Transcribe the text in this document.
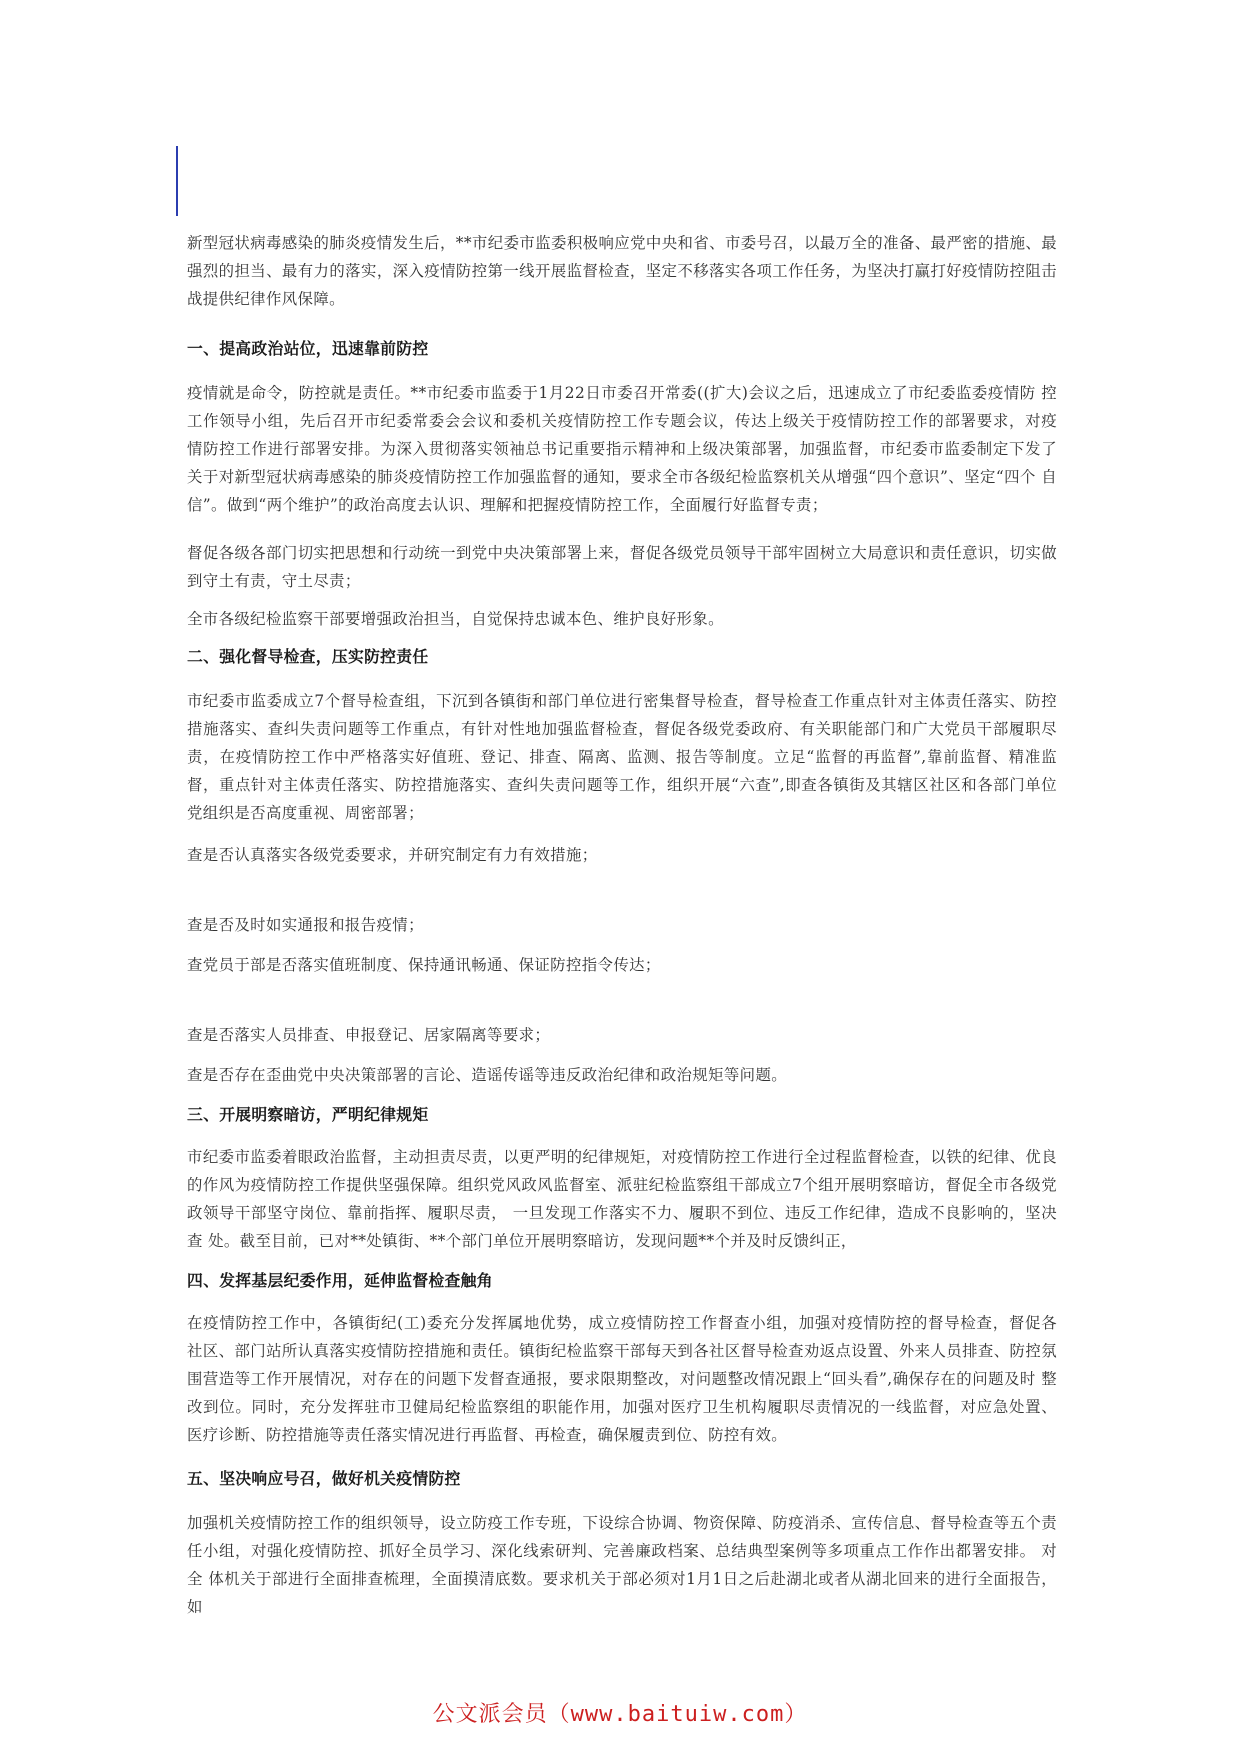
新型冠状病毒感染的肺炎疫情发生后，**市纪委市监委积极响应党中央和省、市委号召，以最万全的准备、最严密的措施、最 强烈的担当、最有力的落实，深入疫情防控第一线开展监督检查，坚定不移落实各项工作任务，为坚决打赢打好疫情防控阻击 战提供纪律作风保障。

一、提高政治站位，迅速靠前防控

疫情就是命令，防控就是责任。**市纪委市监委于1月22日市委召开常委((扩大)会议之后，迅速成立了市纪委监委疫情防 控工作领导小组，先后召开市纪委常委会会议和委机关疫情防控工作专题会议，传达上级关于疫情防控工作的部署要求，对疫 情防控工作进行部署安排。为深入贯彻落实领袖总书记重要指示精神和上级决策部署，加强监督，市纪委市监委制定下发了 关于对新型冠状病毒感染的肺炎疫情防控工作加强监督的通知，要求全市各级纪检监察机关从增强“四个意识”、坚定“四个 自信”。做到“两个维护”的政治高度去认识、理解和把握疫情防控工作，全面履行好监督专责；

督促各级各部门切实把思想和行动统一到党中央决策部署上来，督促各级党员领导干部牢固树立大局意识和责任意识，切实做 到守土有责，守土尽责；

全市各级纪检监察干部要增强政治担当，自觉保持忠诚本色、维护良好形象。

二、强化督导检查，压实防控责任

市纪委市监委成立7个督导检查组，下沉到各镇街和部门单位进行密集督导检查，督导检查工作重点针对主体责任落实、防控措施落实、查纠失责问题等工作重点，有针对性地加强监督检查，督促各级党委政府、有关职能部门和广大党员干部履职尽责，在疫情防控工作中严格落实好值班、登记、排查、隔离、监测、报告等制度。立足“监督的再监督”,靠前监督、精准监督，重点针对主体责任落实、防控措施落实、查纠失责问题等工作，组织开展“六查”,即查各镇街及其辖区社区和各部门单位党组织是否高度重视、周密部署；

查是否认真落实各级党委要求，并研究制定有力有效措施；

查是否及时如实通报和报告疫情；

查党员于部是否落实值班制度、保持通讯畅通、保证防控指令传达；

查是否落实人员排查、申报登记、居家隔离等要求；

查是否存在歪曲党中央决策部署的言论、造谣传谣等违反政治纪律和政治规矩等问题。

三、开展明察暗访，严明纪律规矩

市纪委市监委着眼政治监督，主动担责尽责，以更严明的纪律规矩，对疫情防控工作进行全过程监督检查，以铁的纪律、优良 的作风为疫情防控工作提供坚强保障。组织党风政风监督室、派驻纪检监察组干部成立7个组开展明察暗访，督促全市各级党 政领导干部坚守岗位、靠前指挥、履职尽责， 一旦发现工作落实不力、履职不到位、违反工作纪律，造成不良影响的，坚决查 处。截至目前，已对**处镇街、**个部门单位开展明察暗访，发现问题**个并及时反馈纠正，

四、发挥基层纪委作用，延伸监督检查触角

在疫情防控工作中，各镇街纪(工)委充分发挥属地优势，成立疫情防控工作督查小组，加强对疫情防控的督导检查，督促各 社区、部门站所认真落实疫情防控措施和责任。镇街纪检监察干部每天到各社区督导检查劝返点设置、外来人员排查、防控氛 围营造等工作开展情况，对存在的问题下发督查通报，要求限期整改，对问题整改情况跟上“回头看”,确保存在的问题及时 整改到位。同时，充分发挥驻市卫健局纪检监察组的职能作用，加强对医疗卫生机构履职尽责情况的一线监督，对应急处置、 医疗诊断、防控措施等责任落实情况进行再监督、再检查，确保履责到位、防控有效。

五、坚决响应号召，做好机关疫情防控

加强机关疫情防控工作的组织领导，设立防疫工作专班，下设综合协调、物资保障、防疫消杀、宣传信息、督导检查等五个责任小组，对强化疫情防控、抓好全员学习、深化线索研判、完善廉政档案、总结典型案例等多项重点工作作出都署安排。 对全 体机关于部进行全面排查梳理，全面摸清底数。要求机关于部必须对1月1日之后赴湖北或者从湖北回来的进行全面报告，如

公文派会员（www.baituiw.com）
